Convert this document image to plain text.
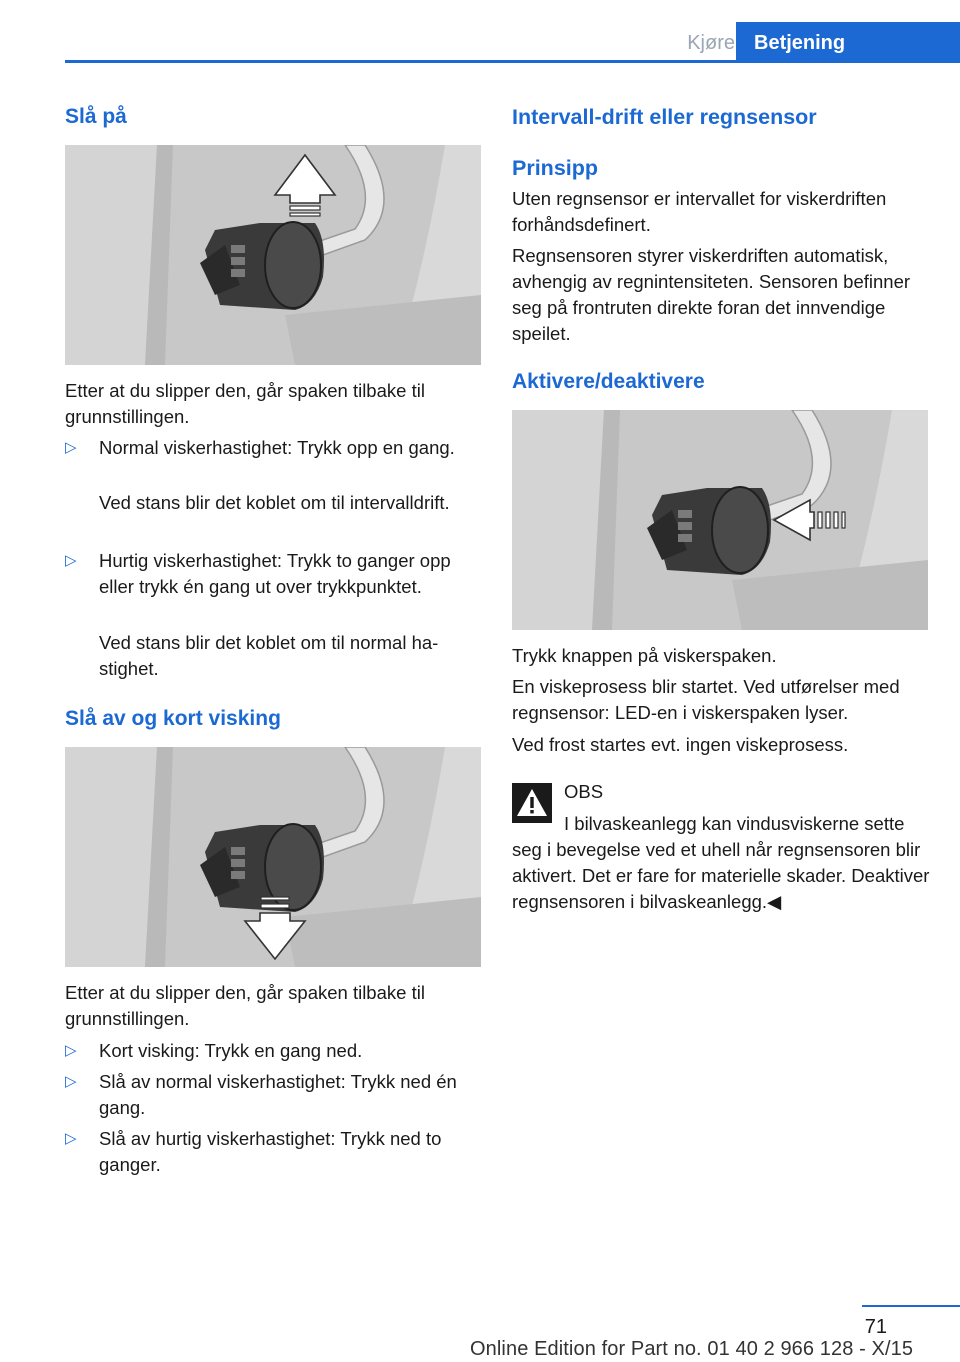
Kjøre Betjening
Slå på
Etter at du slipper den, går spaken tilbake til grunnstillingen.
▷ Normal viskerhastighet: Trykk opp en gang.
Ved stans blir det koblet om til intervalldrift.
▷ Hurtig viskerhastighet: Trykk to ganger opp eller trykk én gang ut over trykkpunktet.
Ved stans blir det koblet om til normal hastighet.
Slå av og kort visking
Etter at du slipper den, går spaken tilbake til grunnstillingen.
▷ Kort visking: Trykk en gang ned.
▷ Slå av normal viskerhastighet: Trykk ned én gang.
▷ Slå av hurtig viskerhastighet: Trykk ned to ganger.
Intervall-drift eller regnsensor
Prinsipp
Uten regnsensor er intervallet for viskerdriften forhåndsdefinert.
Regnsensoren styrer viskerdriften automatisk, avhengig av regnintensiteten. Sensoren befinner seg på frontruten direkte foran det innvendige speilet.
Aktivere/deaktivere
Trykk knappen på viskerspaken.
En viskeprosess blir startet. Ved utførelser med regnsensor: LED-en i viskerspaken lyser.
Ved frost startes evt. ingen viskeprosess.
OBS
I bilvaskeanlegg kan vindusviskerne sette
seg i bevegelse ved et uhell når regnsensoren blir aktivert. Det er fare for materielle skader. Deaktiver regnsensoren i bilvaskeanlegg.◀
71
Online Edition for Part no. 01 40 2 966 128 - X/15
